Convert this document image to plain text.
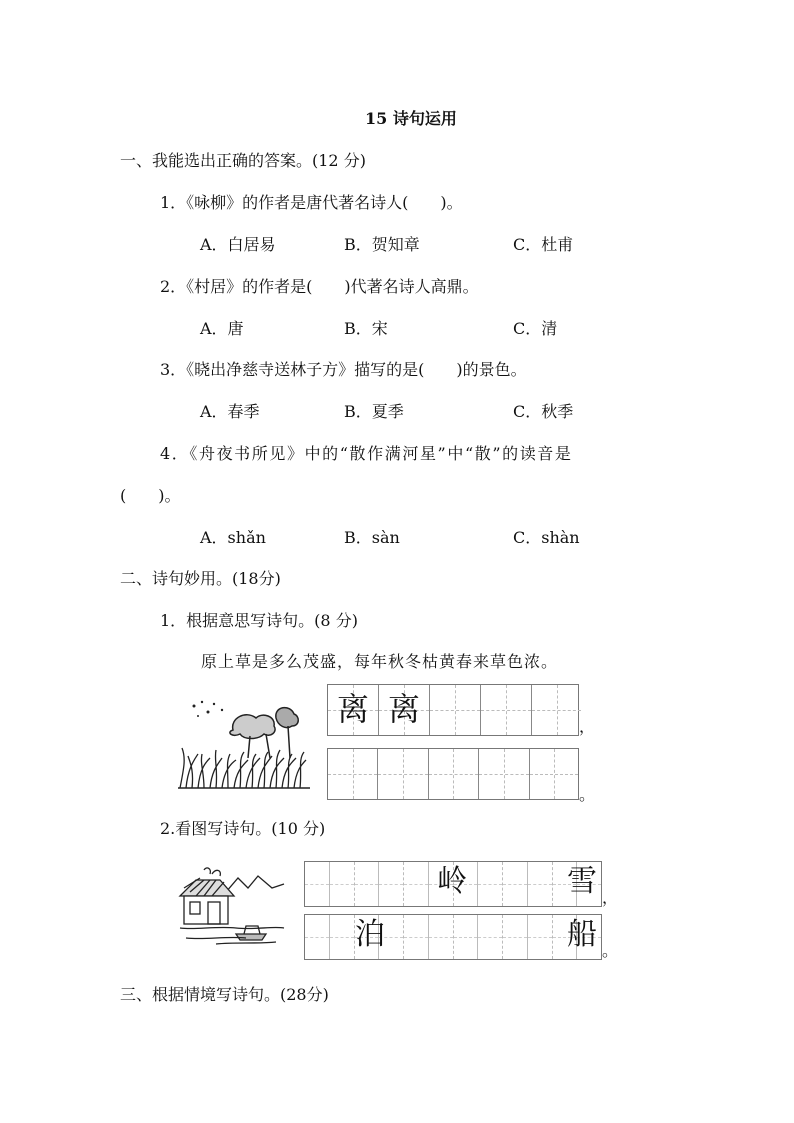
15 诗句运用
一、我能选出正确的答案。(12 分)
1．《咏柳》的作者是唐代著名诗人(　　)。
A．白居易	B．贺知章	C．杜甫
2．《村居》的作者是(　　)代著名诗人高鼎。
A．唐	B．宋	C．清
3．《晓出净慈寺送林子方》描写的是(　　)的景色。
A．春季	B．夏季	C．秋季
4．《舟夜书所见》中的“散作满河星”中“散”的读音是
(　　)。
A．shǎn	B．sàn	C．shàn
二、诗句妙用。(18分)
1．根据意思写诗句。(8 分)
原上草是多么茂盛，每年秋冬枯黄春来草色浓。
离 离	，
。
2.看图写诗句。(10 分)
岭	雪 ，
泊	船 。
三、根据情境写诗句。(28分)
